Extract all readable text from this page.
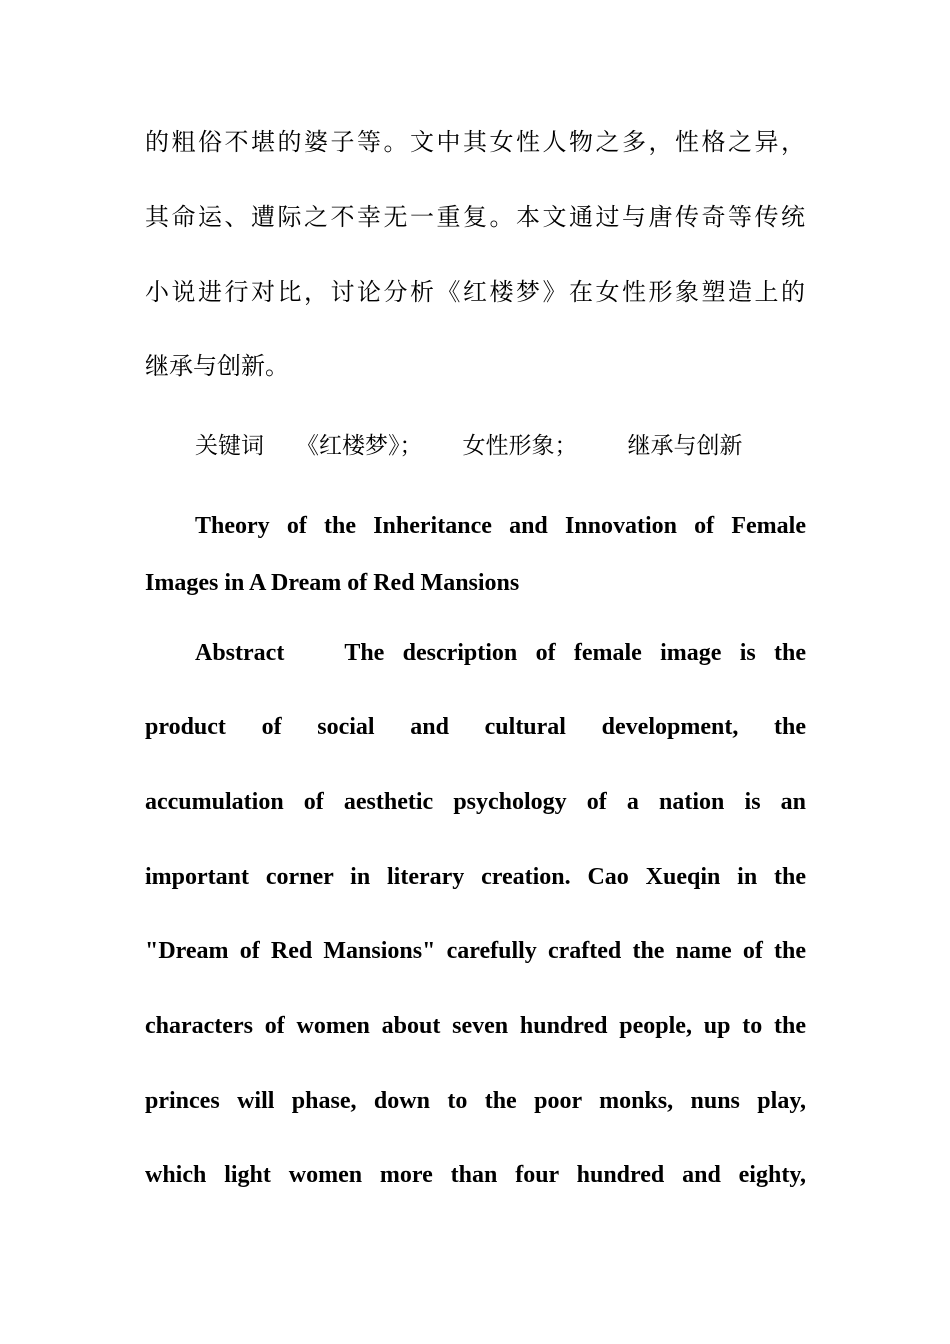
的粗俗不堪的婆子等。文中其女性人物之多，性格之异，
其命运、遭际之不幸无一重复。本文通过与唐传奇等传统
小说进行对比，讨论分析《红楼梦》在女性形象塑造上的
继承与创新。
关键词 《红楼梦》； 女性形象； 继承与创新
Theory of the Inheritance and Innovation of Female
Images in A Dream of Red Mansions
Abstract	The description of female image is the
product of social and cultural development, the
accumulation of aesthetic psychology of a nation is an
important corner in literary creation. Cao Xueqin in the
"Dream of Red Mansions" carefully crafted the name of the
characters of women about seven hundred people, up to the
princes will phase, down to the poor monks, nuns play,
which light women more than four hundred and eighty,
